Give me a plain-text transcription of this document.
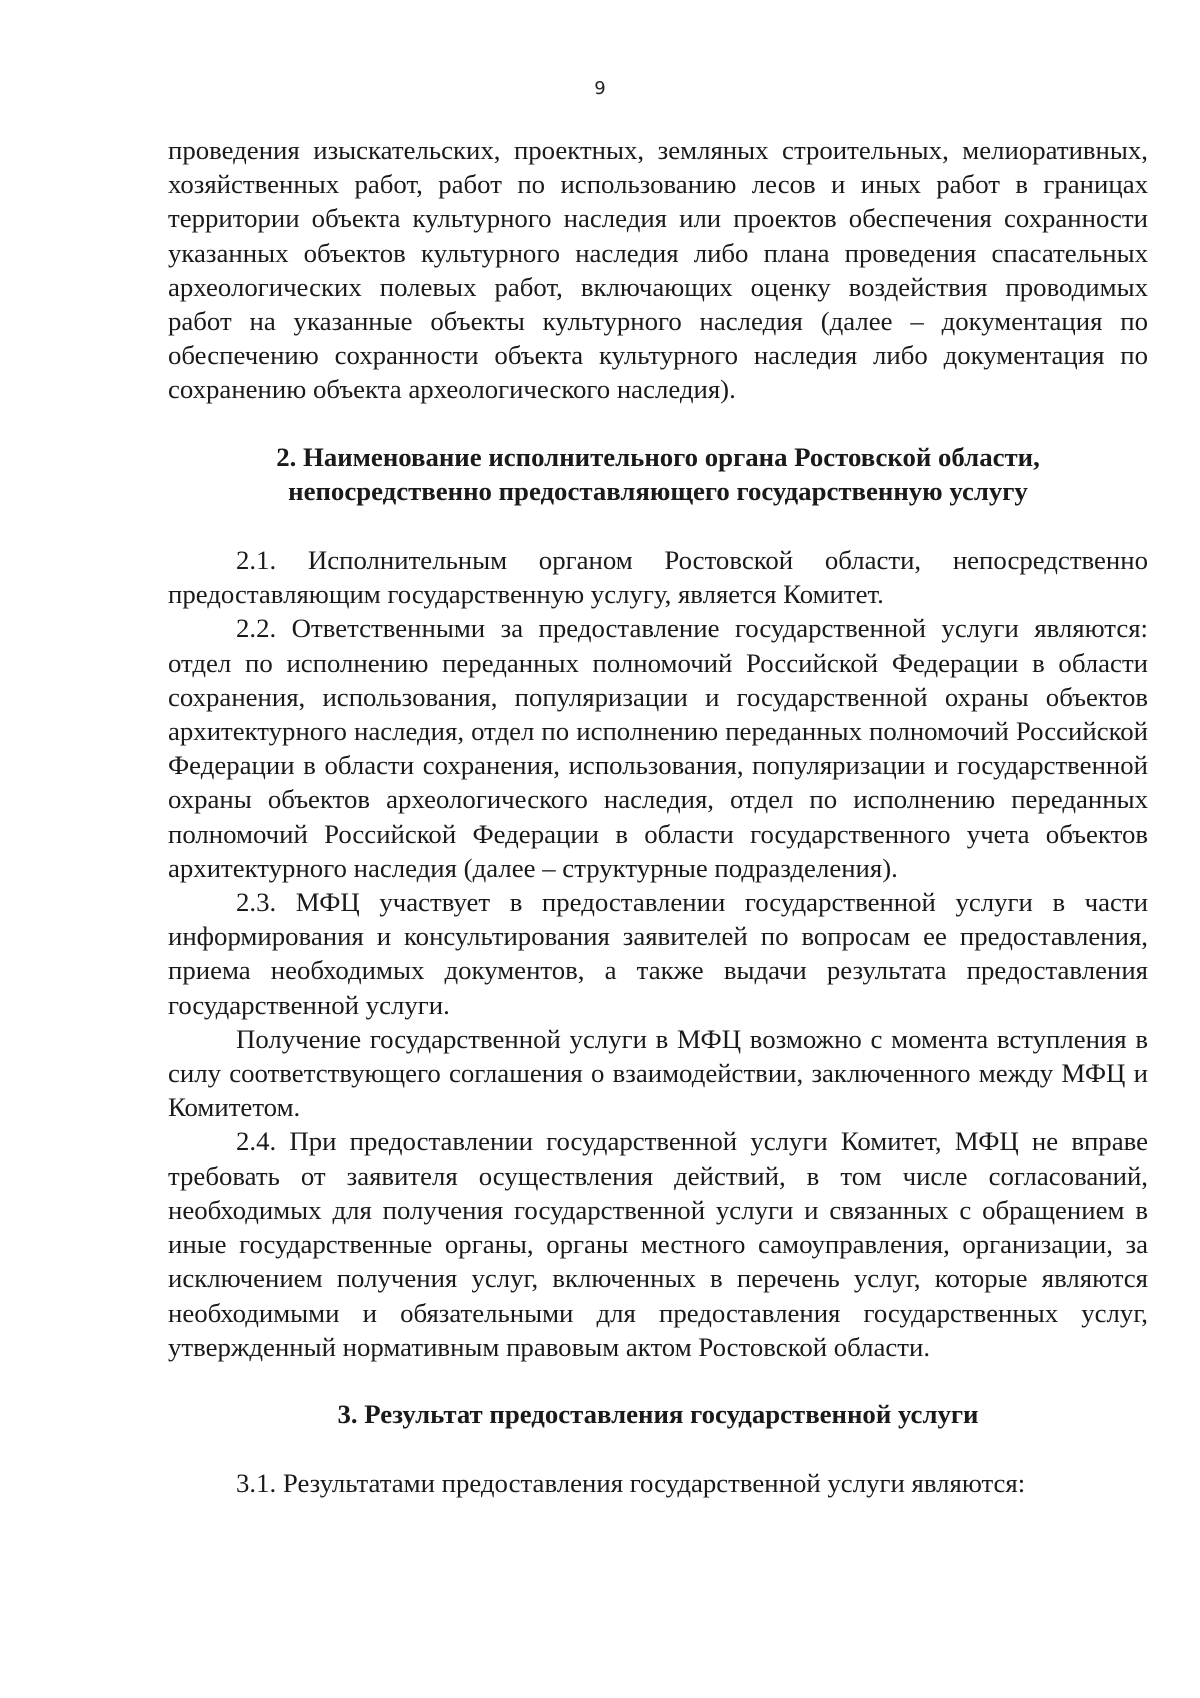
9

проведения изыскательских, проектных, земляных строительных, мелиоративных, хозяйственных работ, работ по использованию лесов и иных работ в границах территории объекта культурного наследия или проектов обеспечения сохранности указанных объектов культурного наследия либо плана проведения спасательных археологических полевых работ, включающих оценку воздействия проводимых работ на указанные объекты культурного наследия (далее – документация по обеспечению сохранности объекта культурного наследия либо документация по сохранению объекта археологического наследия).

2. Наименование исполнительного органа Ростовской области,
непосредственно предоставляющего государственную услугу

2.1. Исполнительным органом Ростовской области, непосредственно предоставляющим государственную услугу, является Комитет.

2.2. Ответственными за предоставление государственной услуги являются: отдел по исполнению переданных полномочий Российской Федерации в области сохранения, использования, популяризации и государственной охраны объектов архитектурного наследия, отдел по исполнению переданных полномочий Российской Федерации в области сохранения, использования, популяризации и государственной охраны объектов археологического наследия, отдел по исполнению переданных полномочий Российской Федерации в области государственного учета объектов архитектурного наследия (далее – структурные подразделения).

2.3. МФЦ участвует в предоставлении государственной услуги в части информирования и консультирования заявителей по вопросам ее предоставления, приема необходимых документов, а также выдачи результата предоставления государственной услуги.

Получение государственной услуги в МФЦ возможно с момента вступления в силу соответствующего соглашения о взаимодействии, заключенного между МФЦ и Комитетом.

2.4. При предоставлении государственной услуги Комитет, МФЦ не вправе требовать от заявителя осуществления действий, в том числе согласований, необходимых для получения государственной услуги и связанных с обращением в иные государственные органы, органы местного самоуправления, организации, за исключением получения услуг, включенных в перечень услуг, которые являются необходимыми и обязательными для предоставления государственных услуг, утвержденный нормативным правовым актом Ростовской области.

3. Результат предоставления государственной услуги

3.1. Результатами предоставления государственной услуги являются:
